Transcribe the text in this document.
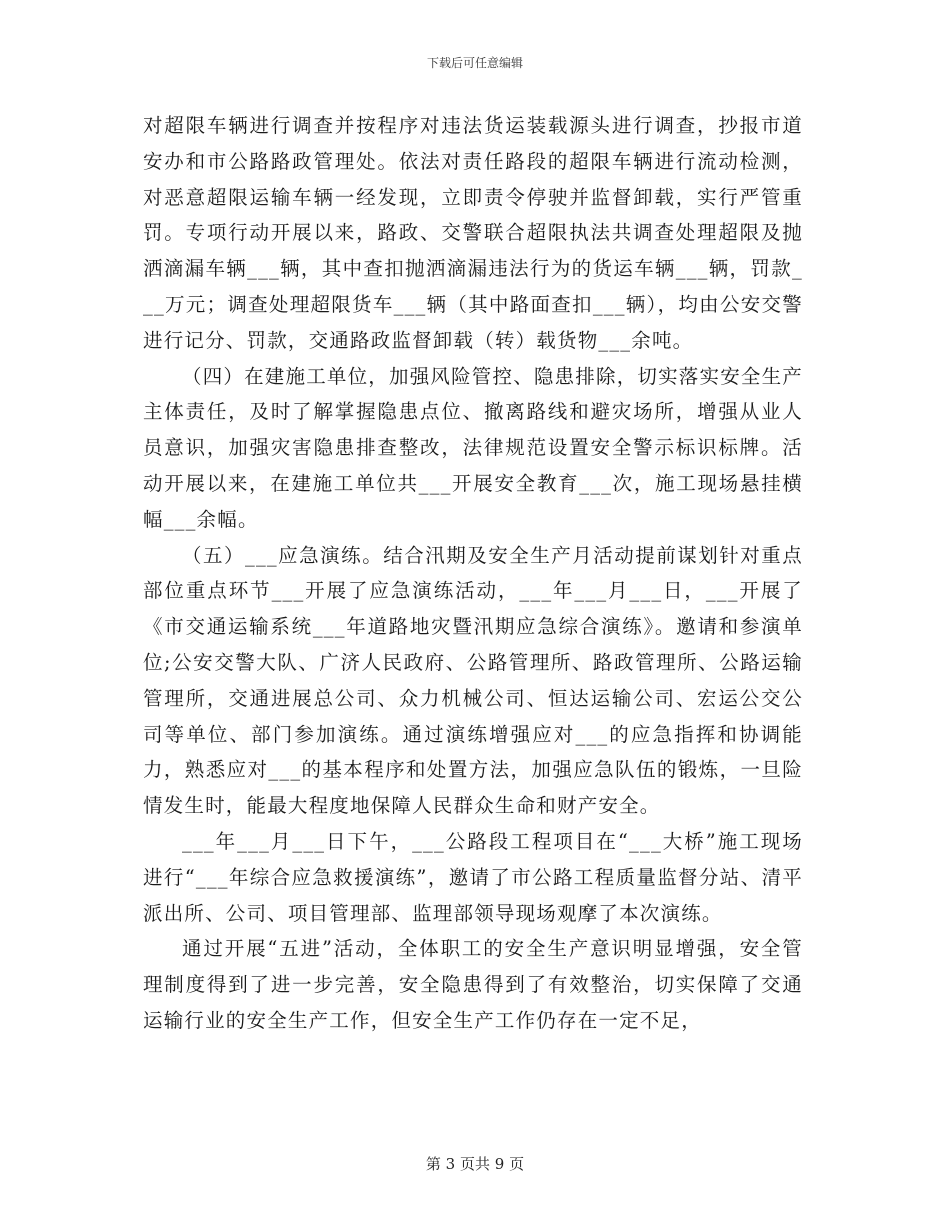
下载后可任意编辑

对超限车辆进行调查并按程序对违法货运装载源头进行调查，抄报市道安办和市公路路政管理处。依法对责任路段的超限车辆进行流动检测，对恶意超限运输车辆一经发现，立即责令停驶并监督卸载，实行严管重罚。专项行动开展以来，路政、交警联合超限执法共调查处理超限及抛洒滴漏车辆___辆，其中查扣抛洒滴漏违法行为的货运车辆___辆，罚款___万元；调查处理超限货车___辆（其中路面查扣___辆），均由公安交警进行记分、罚款，交通路政监督卸载（转）载货物___余吨。

（四）在建施工单位，加强风险管控、隐患排除，切实落实安全生产主体责任，及时了解掌握隐患点位、撤离路线和避灾场所，增强从业人员意识，加强灾害隐患排查整改，法律规范设置安全警示标识标牌。活动开展以来，在建施工单位共___开展安全教育___次，施工现场悬挂横幅___余幅。

（五）___应急演练。结合汛期及安全生产月活动提前谋划针对重点部位重点环节___开展了应急演练活动，___年___月___日，___开展了《市交通运输系统___年道路地灾暨汛期应急综合演练》。邀请和参演单位;公安交警大队、广济人民政府、公路管理所、路政管理所、公路运输管理所，交通进展总公司、众力机械公司、恒达运输公司、宏运公交公司等单位、部门参加演练。通过演练增强应对___的应急指挥和协调能力，熟悉应对___的基本程序和处置方法，加强应急队伍的锻炼，一旦险情发生时，能最大程度地保障人民群众生命和财产安全。

___年___月___日下午，___公路段工程项目在“___大桥”施工现场进行“___年综合应急救援演练”，邀请了市公路工程质量监督分站、清平派出所、公司、项目管理部、监理部领导现场观摩了本次演练。

通过开展“五进”活动，全体职工的安全生产意识明显增强，安全管理制度得到了进一步完善，安全隐患得到了有效整治，切实保障了交通运输行业的安全生产工作，但安全生产工作仍存在一定不足，

第 3 页共 9 页
